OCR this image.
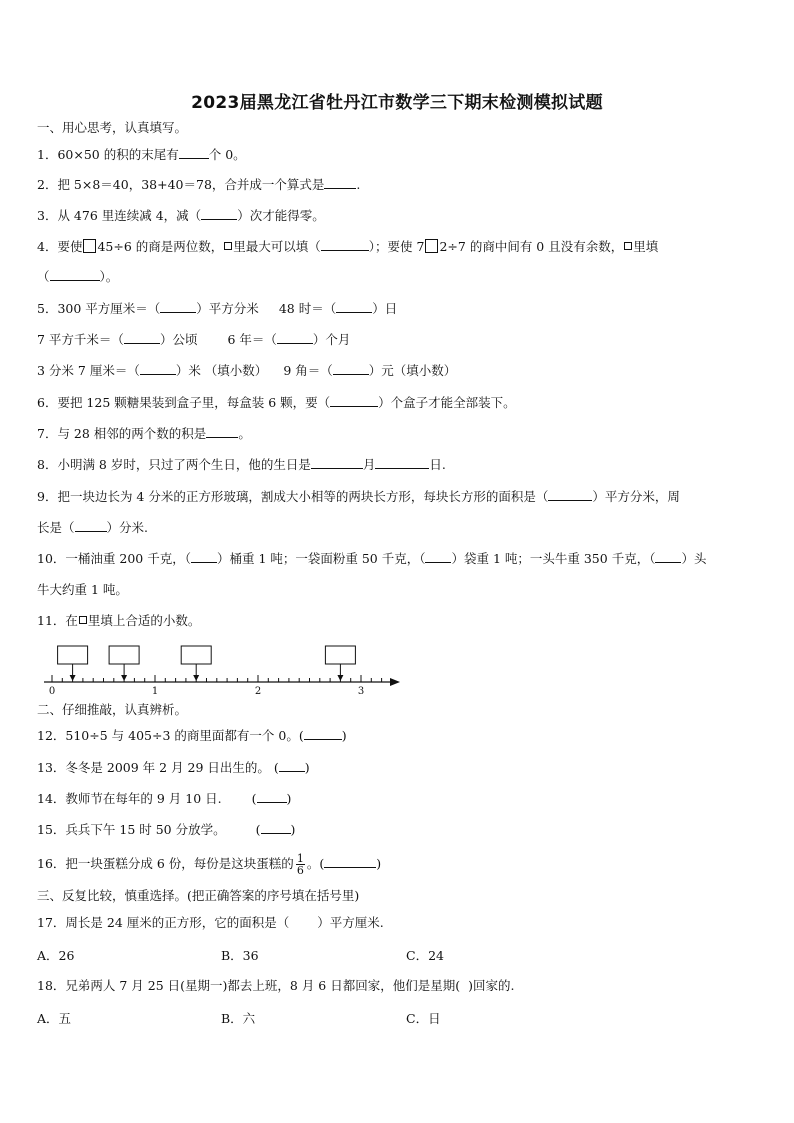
2023届黑龙江省牡丹江市数学三下期末检测模拟试题
一、用心思考，认真填写。
1．60×50 的积的末尾有 个 0。
2．把 5×8＝40，38+40＝78，合并成一个算式是	.
3．从 476 里连续减 4，减（	）次才能得零。
4．要使 45÷6 的商是两位数， 里最大可以填（	）；要使 7 2÷7 的商中间有 0 且没有余数， 里填
（	）。
5．300 平方厘米＝（	）平方分米 48 时＝（	）日
7 平方千米＝（	）公顷 6 年＝（	）个月
3 分米 7 厘米＝（	）米 （填小数） 9 角＝（	）元（填小数）
6．要把 125 颗糖果装到盒子里，每盒装 6 颗，要（	）个盒子才能全部装下。
7．与 28 相邻的两个数的积是	。
8．小明满 8 岁时，只过了两个生日，他的生日是	月	日.
9．把一块边长为 4 分米的正方形玻璃，割成大小相等的两块长方形，每块长方形的面积是（	）平方分米，周
长是（	）分米.
10．一桶油重 200 千克，（ ）桶重 1 吨；一袋面粉重 50 千克，（ ）袋重 1 吨；一头牛重 350 千克，（ ）头
牛大约重 1 吨。
11．在 里填上合适的小数。
0	1	2	3
二、仔细推敲，认真辨析。
12．510÷5 与 405÷3 的商里面都有一个 0。(	)
13．冬冬是 2009 年 2 月 29 日出生的。 ( )
14．教师节在每年的 9 月 10 日. ( )
15．兵兵下午 15 时 50 分放学。 ( )
16．把一块蛋糕分成 6 份，每份是这块蛋糕的 $\frac{1}{6}$ 。(	)
三、反复比较，慎重选择。(把正确答案的序号填在括号里)
17．周长是 24 厘米的正方形，它的面积是（ ）平方厘米.
A．26	B．36	C．24
18．兄弟两人 7 月 25 日(星期一)都去上班，8 月 6 日都回家，他们是星期( )回家的.
A．五	B．六	C．日
